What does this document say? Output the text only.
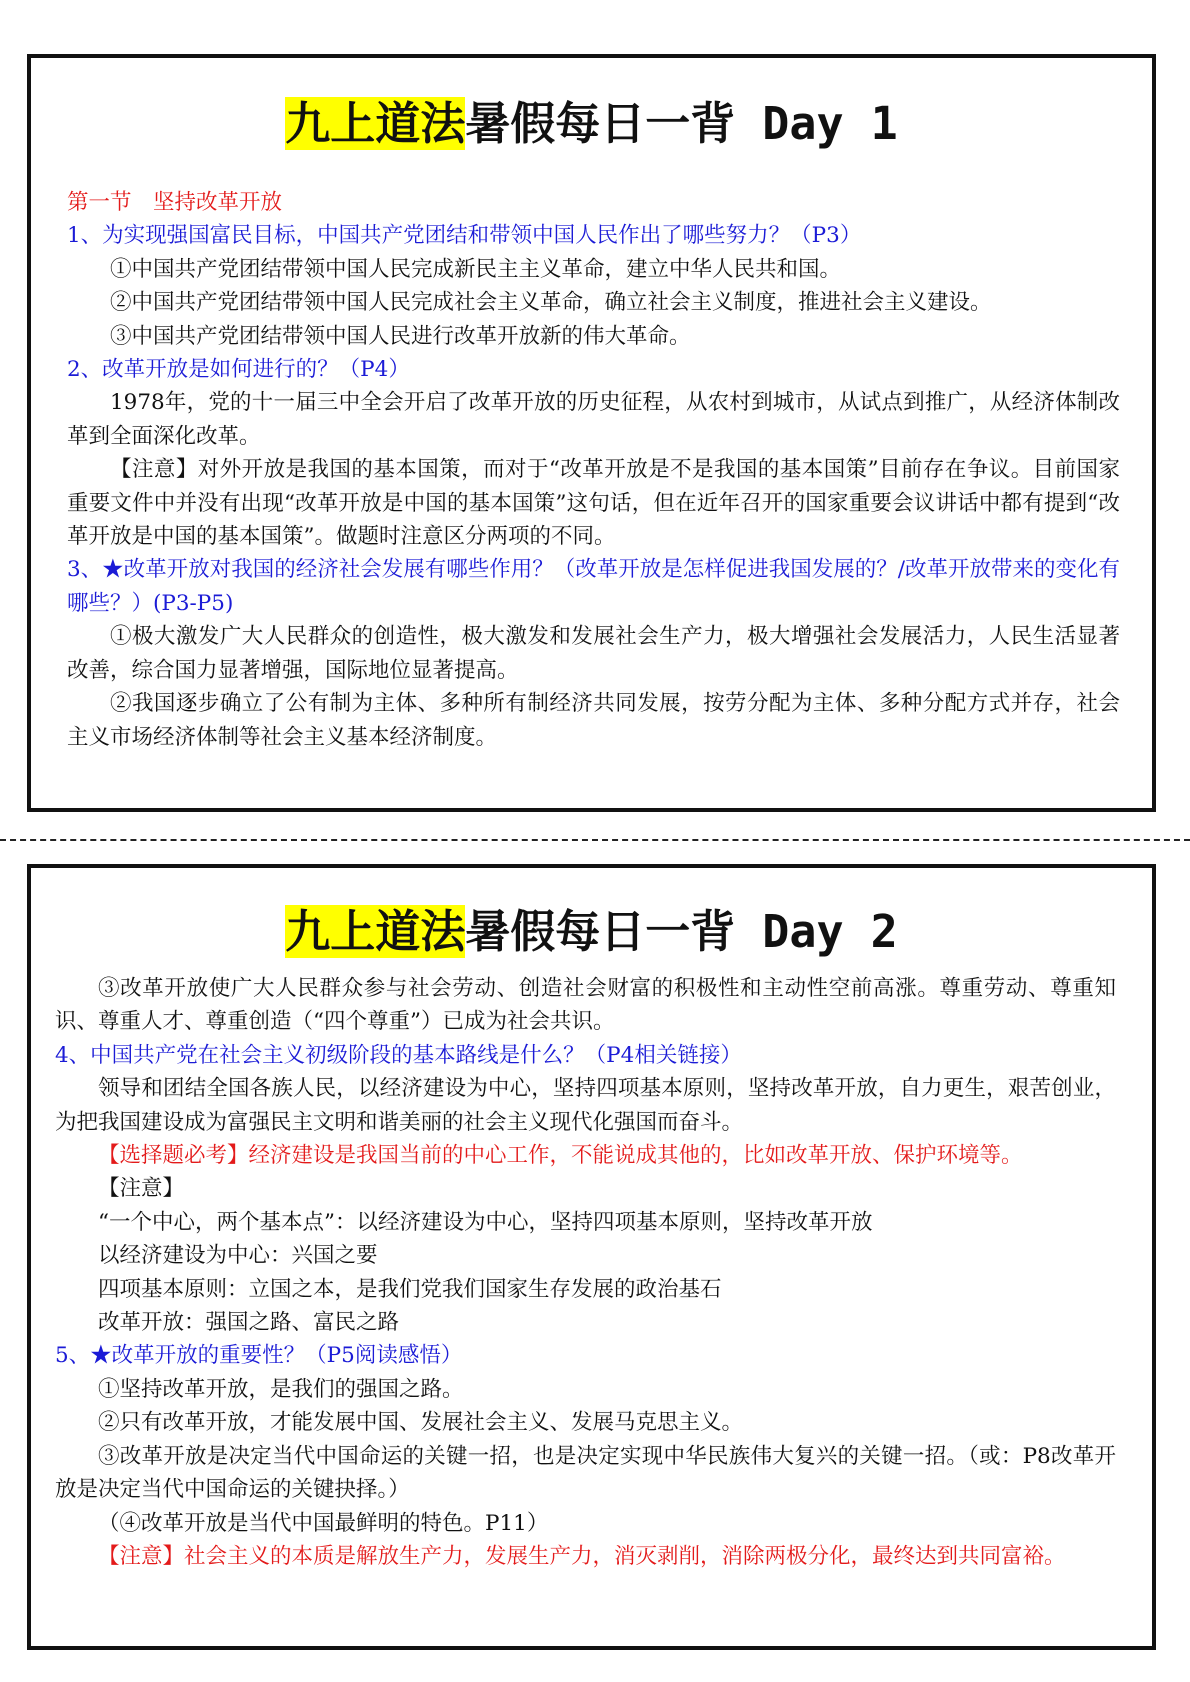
九上道法暑假每日一背 Day 1

第一节　坚持改革开放

1、为实现强国富民目标，中国共产党团结和带领中国人民作出了哪些努力？（P3）

①中国共产党团结带领中国人民完成新民主主义革命，建立中华人民共和国。

②中国共产党团结带领中国人民完成社会主义革命，确立社会主义制度，推进社会主义建设。

③中国共产党团结带领中国人民进行改革开放新的伟大革命。

2、改革开放是如何进行的？（P4）

1978年，党的十一届三中全会开启了改革开放的历史征程，从农村到城市，从试点到推广，从经济体制改革到全面深化改革。

【注意】对外开放是我国的基本国策，而对于“改革开放是不是我国的基本国策”目前存在争议。目前国家重要文件中并没有出现“改革开放是中国的基本国策”这句话，但在近年召开的国家重要会议讲话中都有提到“改革开放是中国的基本国策”。做题时注意区分两项的不同。

3、★改革开放对我国的经济社会发展有哪些作用？（改革开放是怎样促进我国发展的？/改革开放带来的变化有哪些？）(P3-P5)

①极大激发广大人民群众的创造性，极大激发和发展社会生产力，极大增强社会发展活力，人民生活显著改善，综合国力显著增强，国际地位显著提高。

②我国逐步确立了公有制为主体、多种所有制经济共同发展，按劳分配为主体、多种分配方式并存，社会主义市场经济体制等社会主义基本经济制度。

九上道法暑假每日一背 Day 2

③改革开放使广大人民群众参与社会劳动、创造社会财富的积极性和主动性空前高涨。尊重劳动、尊重知识、尊重人才、尊重创造（“四个尊重”）已成为社会共识。

4、中国共产党在社会主义初级阶段的基本路线是什么？（P4相关链接）

领导和团结全国各族人民，以经济建设为中心，坚持四项基本原则，坚持改革开放，自力更生，艰苦创业，为把我国建设成为富强民主文明和谐美丽的社会主义现代化强国而奋斗。

【选择题必考】经济建设是我国当前的中心工作，不能说成其他的，比如改革开放、保护环境等。

【注意】

“一个中心，两个基本点”：以经济建设为中心，坚持四项基本原则，坚持改革开放

以经济建设为中心：兴国之要

四项基本原则：立国之本，是我们党我们国家生存发展的政治基石

改革开放：强国之路、富民之路

5、★改革开放的重要性？（P5阅读感悟）

①坚持改革开放，是我们的强国之路。

②只有改革开放，才能发展中国、发展社会主义、发展马克思主义。

③改革开放是决定当代中国命运的关键一招，也是决定实现中华民族伟大复兴的关键一招。（或：P8改革开放是决定当代中国命运的关键抉择。）

（④改革开放是当代中国最鲜明的特色。P11）

【注意】社会主义的本质是解放生产力，发展生产力，消灭剥削，消除两极分化，最终达到共同富裕。
